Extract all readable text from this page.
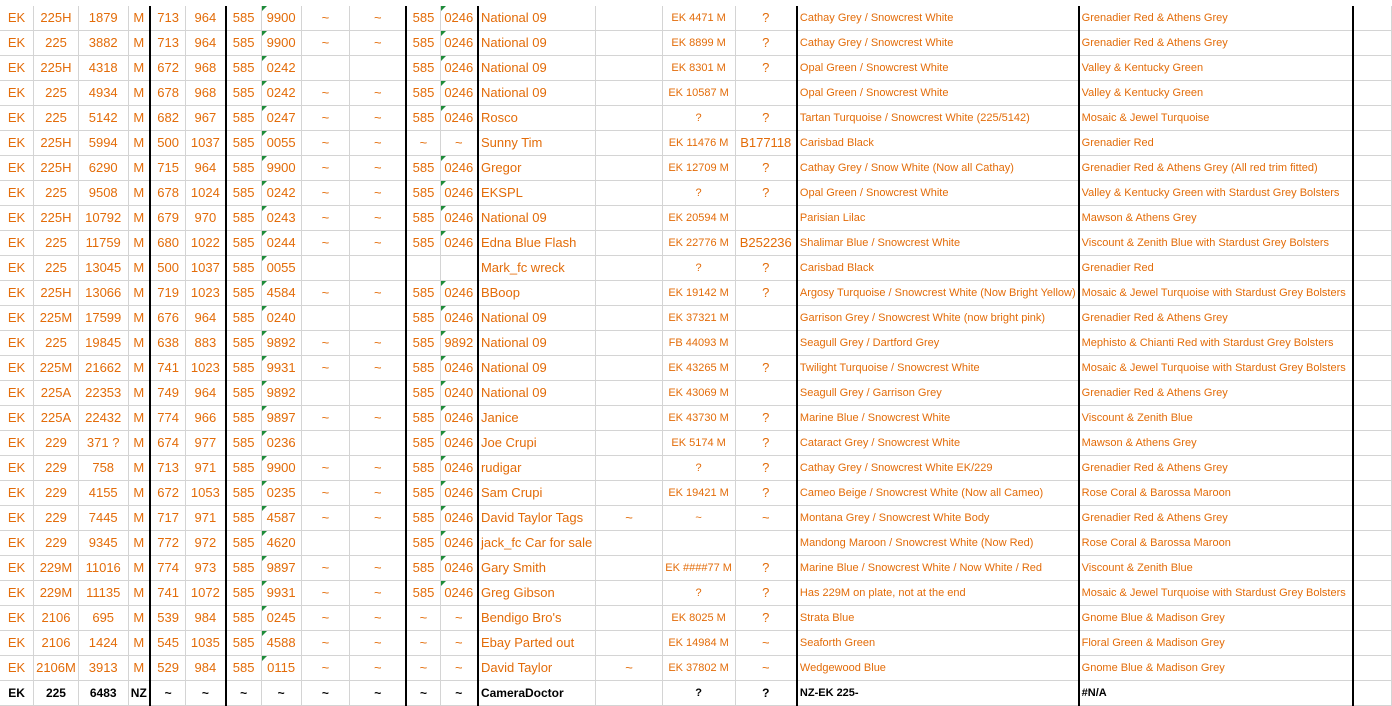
EK	225H	1879	M	713	964	585	9900	~	~	585	0246	National 09		EK 4471 M	?	Cathay Grey / Snowcrest White	Grenadier Red & Athens Grey	
EK	225	3882	M	713	964	585	9900	~	~	585	0246	National 09		EK 8899 M	?	Cathay Grey / Snowcrest White	Grenadier Red & Athens Grey	
EK	225H	4318	M	672	968	585	0242			585	0246	National 09		EK 8301 M	?	Opal Green / Snowcrest White	Valley & Kentucky Green	
EK	225	4934	M	678	968	585	0242	~	~	585	0246	National 09		EK 10587 M		Opal Green / Snowcrest White	Valley & Kentucky Green	
EK	225	5142	M	682	967	585	0247	~	~	585	0246	Rosco		?	?	Tartan Turquoise / Snowcrest White (225/5142)	Mosaic & Jewel Turquoise	
EK	225H	5994	M	500	1037	585	0055	~	~	~	~	Sunny Tim		EK 11476 M	B177118	Carisbad Black	Grenadier Red	
EK	225H	6290	M	715	964	585	9900	~	~	585	0246	Gregor		EK 12709 M	?	Cathay Grey / Snow White (Now all Cathay)	Grenadier Red & Athens Grey (All red trim fitted)	
EK	225	9508	M	678	1024	585	0242	~	~	585	0246	EKSPL		?	?	Opal Green / Snowcrest White	Valley & Kentucky Green with Stardust Grey Bolsters	
EK	225H	10792	M	679	970	585	0243	~	~	585	0246	National 09		EK 20594 M		Parisian Lilac	Mawson & Athens Grey	
EK	225	11759	M	680	1022	585	0244	~	~	585	0246	Edna Blue Flash		EK 22776 M	B252236	Shalimar Blue / Snowcrest White	Viscount & Zenith Blue with Stardust Grey Bolsters	
EK	225	13045	M	500	1037	585	0055					Mark_fc wreck		?	?	Carisbad Black	Grenadier Red	
EK	225H	13066	M	719	1023	585	4584	~	~	585	0246	BBoop		EK 19142 M	?	Argosy Turquoise / Snowcrest White (Now Bright Yellow)	Mosaic & Jewel Turquoise with Stardust Grey Bolsters	
EK	225M	17599	M	676	964	585	0240			585	0246	National 09		EK 37321 M		Garrison Grey / Snowcrest White (now bright pink)	Grenadier Red & Athens Grey	
EK	225	19845	M	638	883	585	9892	~	~	585	9892	National 09		FB 44093 M		Seagull Grey / Dartford Grey	Mephisto & Chianti Red with Stardust Grey Bolsters	
EK	225M	21662	M	741	1023	585	9931	~	~	585	0246	National 09		EK 43265 M	?	Twilight Turquoise / Snowcrest White	Mosaic & Jewel Turquoise with Stardust Grey Bolsters	
EK	225A	22353	M	749	964	585	9892			585	0240	National 09		EK 43069 M		Seagull Grey / Garrison Grey	Grenadier Red & Athens Grey	
EK	225A	22432	M	774	966	585	9897	~	~	585	0246	Janice		EK 43730 M	?	Marine Blue / Snowcrest White	Viscount & Zenith Blue	
EK	229	371 ?	M	674	977	585	0236			585	0246	Joe Crupi		EK 5174 M	?	Cataract Grey / Snowcrest White	Mawson & Athens Grey	
EK	229	758	M	713	971	585	9900	~	~	585	0246	rudigar		?	?	Cathay Grey / Snowcrest White EK/229	Grenadier Red & Athens Grey	
EK	229	4155	M	672	1053	585	0235	~	~	585	0246	Sam Crupi		EK 19421 M	?	Cameo Beige / Snowcrest White (Now all Cameo)	Rose Coral & Barossa Maroon	
EK	229	7445	M	717	971	585	4587	~	~	585	0246	David Taylor Tags	~	~	~	Montana Grey / Snowcrest White Body	Grenadier Red & Athens Grey	
EK	229	9345	M	772	972	585	4620			585	0246	jack_fc Car for sale				Mandong Maroon / Snowcrest White (Now Red)	Rose Coral & Barossa Maroon	
EK	229M	11016	M	774	973	585	9897	~	~	585	0246	Gary Smith		EK ####77 M	?	Marine Blue / Snowcrest White / Now White / Red	Viscount & Zenith Blue	
EK	229M	11135	M	741	1072	585	9931	~	~	585	0246	Greg Gibson		?	?	Has 229M on plate, not at the end	Mosaic & Jewel Turquoise with Stardust Grey Bolsters	
EK	2106	695	M	539	984	585	0245	~	~	~	~	Bendigo Bro's		EK 8025 M	?	Strata Blue	Gnome Blue & Madison Grey	
EK	2106	1424	M	545	1035	585	4588	~	~	~	~	Ebay Parted out		EK 14984 M	~	Seaforth Green	Floral Green & Madison Grey	
EK	2106M	3913	M	529	984	585	0115	~	~	~	~	David Taylor	~	EK 37802 M	~	Wedgewood Blue	Gnome Blue & Madison Grey	
EK	225	6483	NZ	~	~	~	~	~	~	~	~	CameraDoctor		?	?	NZ-EK 225-	#N/A	
